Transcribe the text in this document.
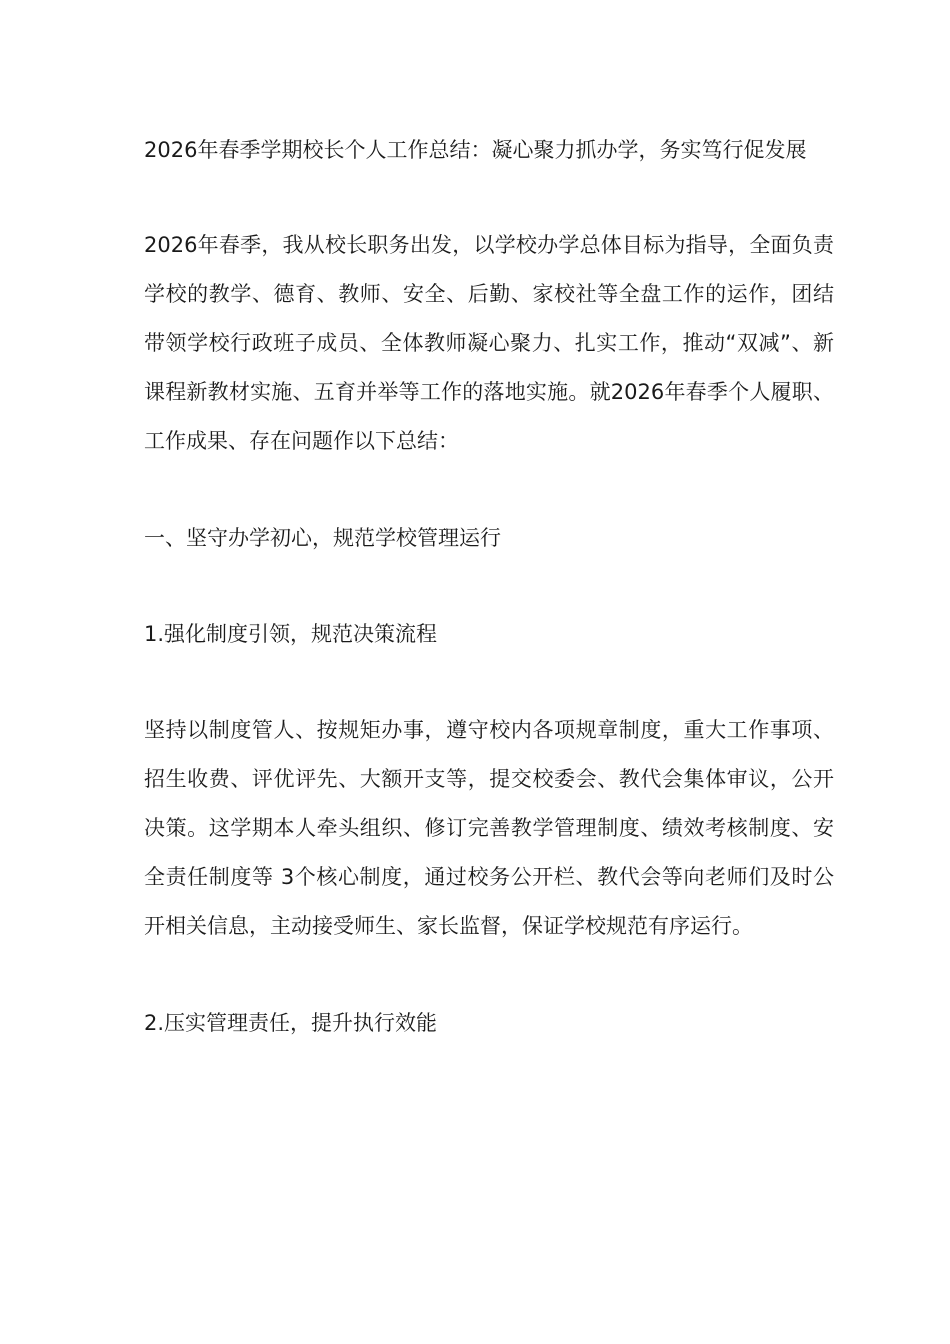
2026年春季学期校长个人工作总结：凝心聚力抓办学，务实笃行促发展

2026年春季，我从校长职务出发，以学校办学总体目标为指导，全面负责学校的教学、德育、教师、安全、后勤、家校社等全盘工作的运作，团结带领学校行政班子成员、全体教师凝心聚力、扎实工作，推动“双减”、新课程新教材实施、五育并举等工作的落地实施。就2026年春季个人履职、工作成果、存在问题作以下总结：

一、坚守办学初心，规范学校管理运行

1.强化制度引领，规范决策流程

坚持以制度管人、按规矩办事，遵守校内各项规章制度，重大工作事项、招生收费、评优评先、大额开支等，提交校委会、教代会集体审议，公开决策。这学期本人牵头组织、修订完善教学管理制度、绩效考核制度、安全责任制度等 3个核心制度，通过校务公开栏、教代会等向老师们及时公开相关信息，主动接受师生、家长监督，保证学校规范有序运行。

2.压实管理责任，提升执行效能
